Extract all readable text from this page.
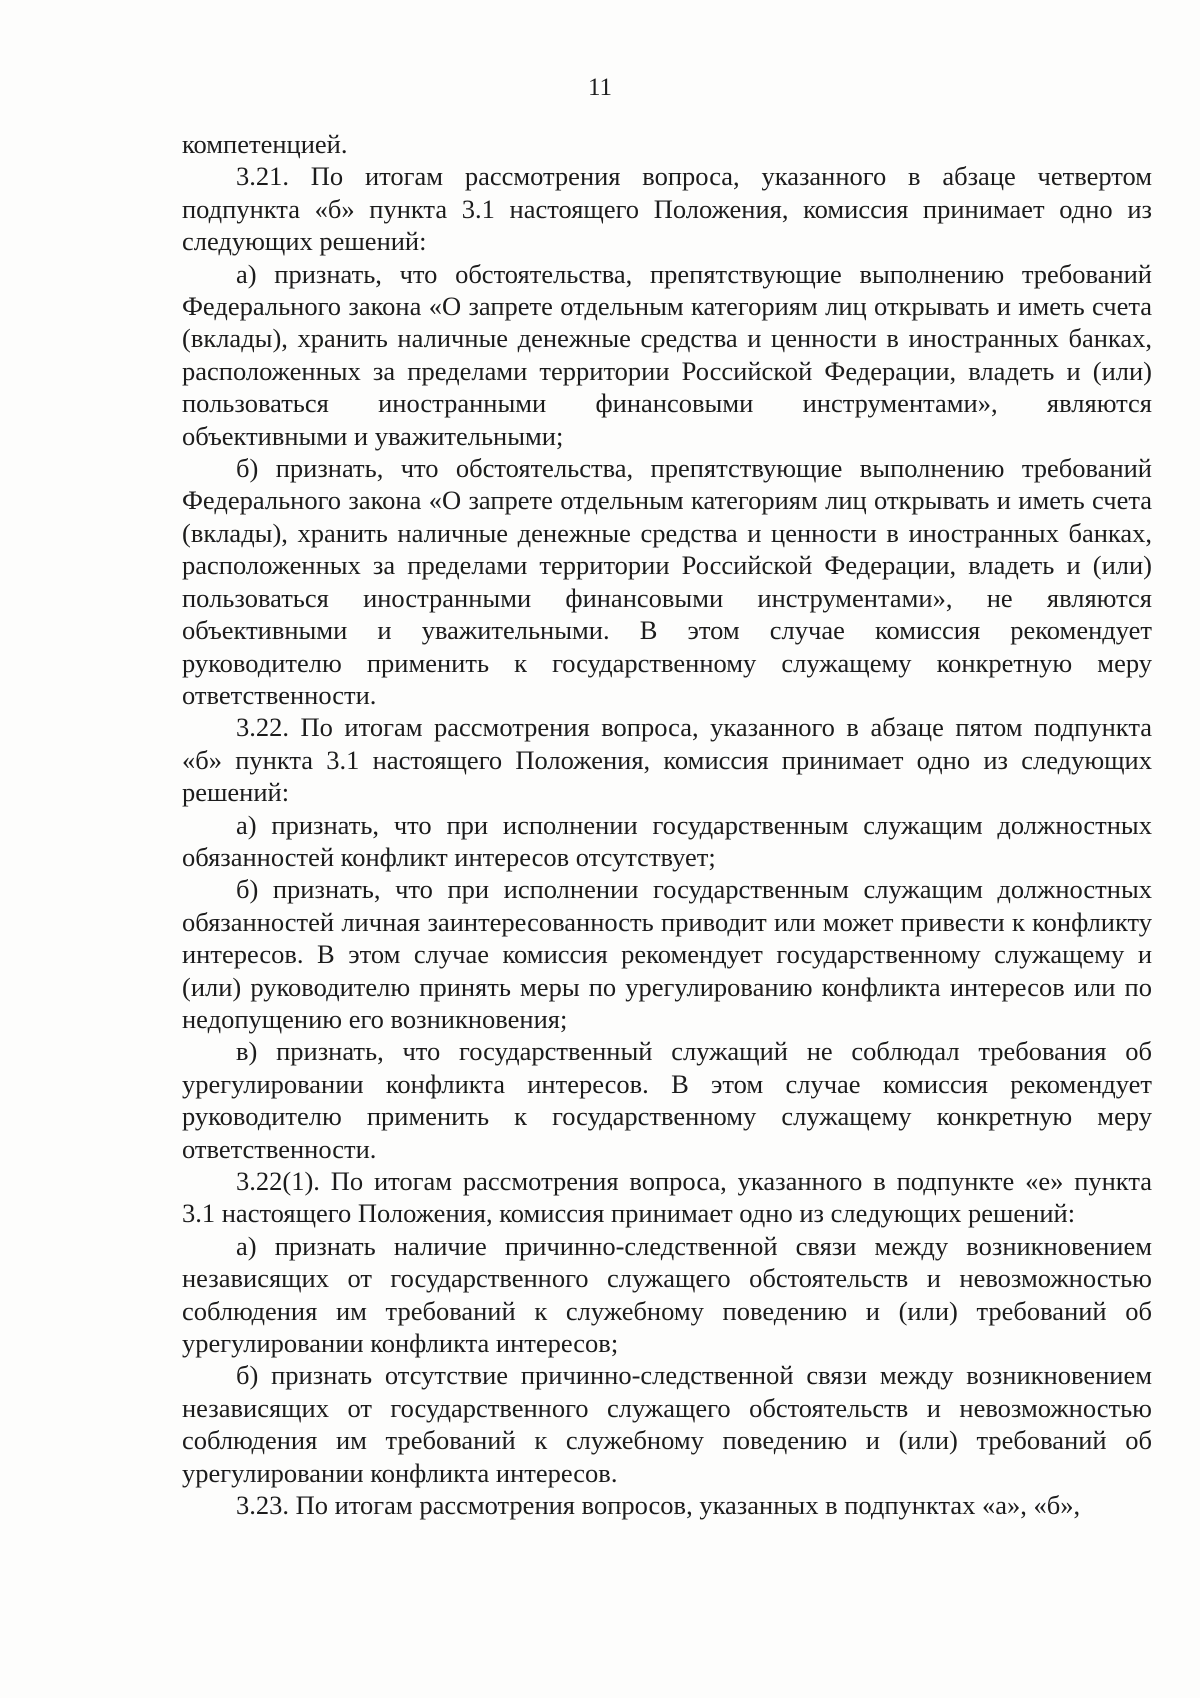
11

компетенцией.

3.21. По итогам рассмотрения вопроса, указанного в абзаце четвертом подпункта «б» пункта 3.1 настоящего Положения, комиссия принимает одно из следующих решений:

а) признать, что обстоятельства, препятствующие выполнению требований Федерального закона «О запрете отдельным категориям лиц открывать и иметь счета (вклады), хранить наличные денежные средства и ценности в иностранных банках, расположенных за пределами территории Российской Федерации, владеть и (или) пользоваться иностранными финансовыми инструментами», являются объективными и уважительными;

б) признать, что обстоятельства, препятствующие выполнению требований Федерального закона «О запрете отдельным категориям лиц открывать и иметь счета (вклады), хранить наличные денежные средства и ценности в иностранных банках, расположенных за пределами территории Российской Федерации, владеть и (или) пользоваться иностранными финансовыми инструментами», не являются объективными и уважительными. В этом случае комиссия рекомендует руководителю применить к государственному служащему конкретную меру ответственности.

3.22. По итогам рассмотрения вопроса, указанного в абзаце пятом подпункта «б» пункта 3.1 настоящего Положения, комиссия принимает одно из следующих решений:

а) признать, что при исполнении государственным служащим должностных обязанностей конфликт интересов отсутствует;

б) признать, что при исполнении государственным служащим должностных обязанностей личная заинтересованность приводит или может привести к конфликту интересов. В этом случае комиссия рекомендует государственному служащему и (или) руководителю принять меры по урегулированию конфликта интересов или по недопущению его возникновения;

в) признать, что государственный служащий не соблюдал требования об урегулировании конфликта интересов. В этом случае комиссия рекомендует руководителю применить к государственному служащему конкретную меру ответственности.

3.22(1). По итогам рассмотрения вопроса, указанного в подпункте «е» пункта 3.1 настоящего Положения, комиссия принимает одно из следующих решений:

а) признать наличие причинно-следственной связи между возникновением независящих от государственного служащего обстоятельств и невозможностью соблюдения им требований к служебному поведению и (или) требований об урегулировании конфликта интересов;

б) признать отсутствие причинно-следственной связи между возникновением независящих от государственного служащего обстоятельств и невозможностью соблюдения им требований к служебному поведению и (или) требований об урегулировании конфликта интересов.

3.23. По итогам рассмотрения вопросов, указанных в подпунктах «а», «б»,
